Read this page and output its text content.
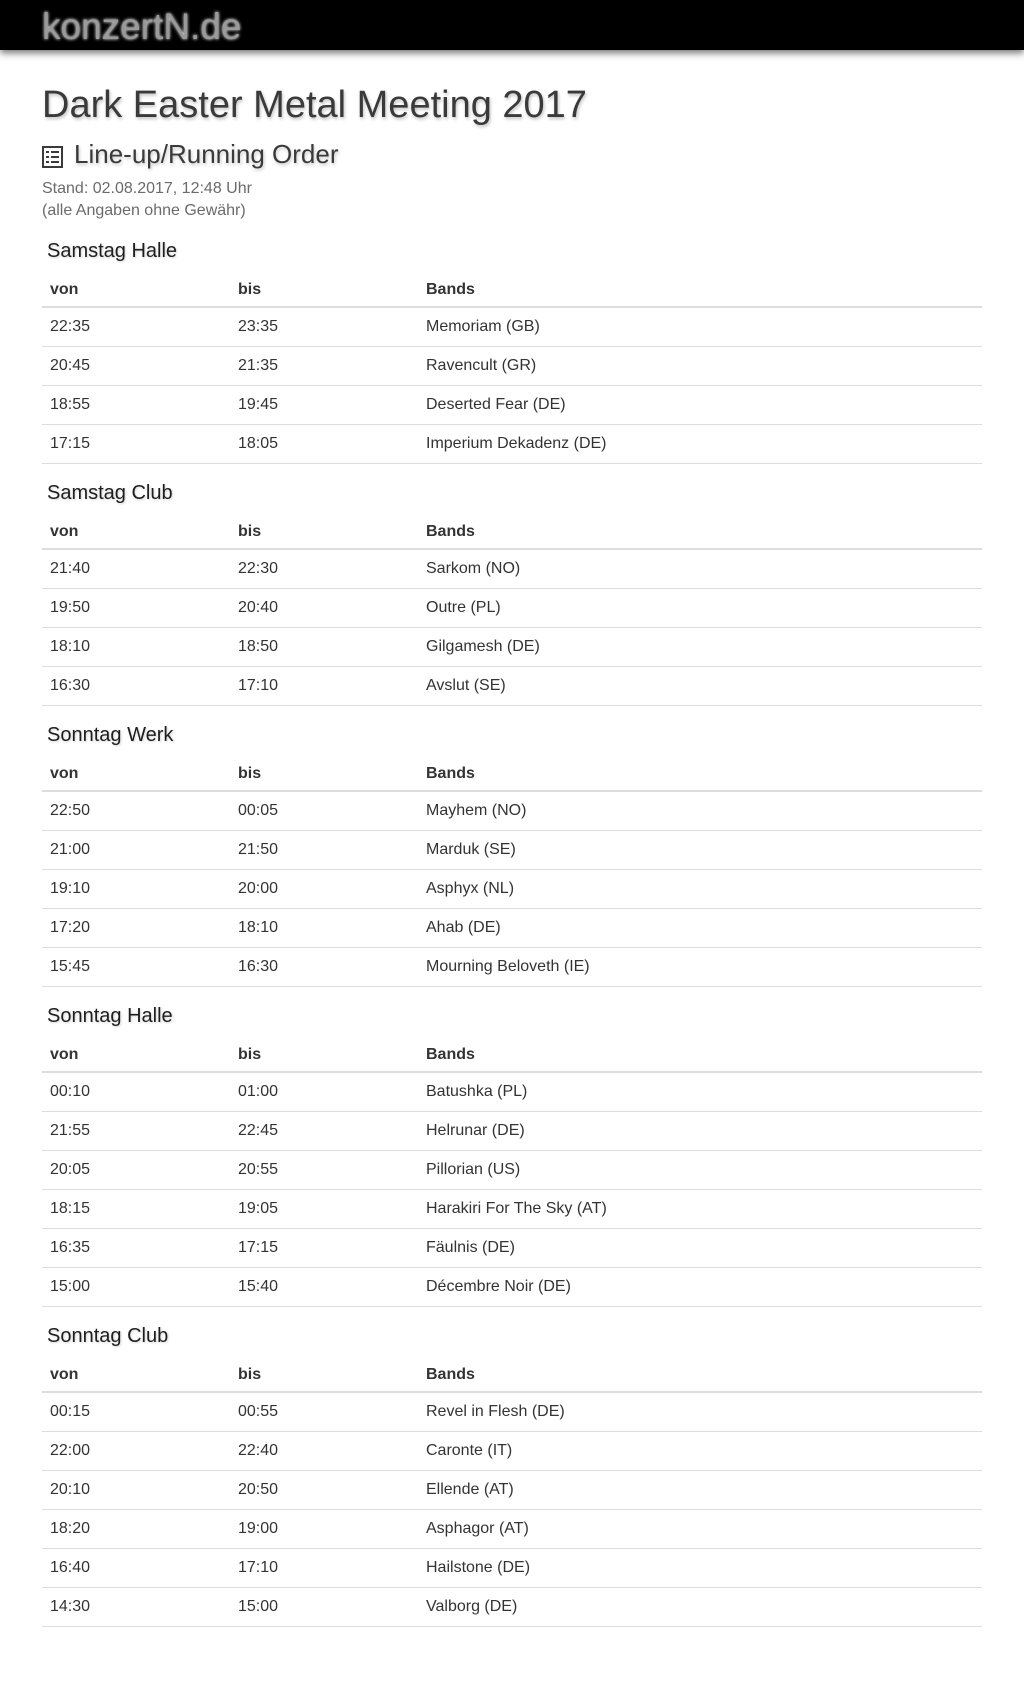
konzertN.de
Dark Easter Metal Meeting 2017
Line-up/Running Order
Stand: 02.08.2017, 12:48 Uhr
(alle Angaben ohne Gewähr)
Samstag Halle
von	bis	Bands
22:35	23:35	Memoriam (GB)
20:45	21:35	Ravencult (GR)
18:55	19:45	Deserted Fear (DE)
17:15	18:05	Imperium Dekadenz (DE)
Samstag Club
von	bis	Bands
21:40	22:30	Sarkom (NO)
19:50	20:40	Outre (PL)
18:10	18:50	Gilgamesh (DE)
16:30	17:10	Avslut (SE)
Sonntag Werk
von	bis	Bands
22:50	00:05	Mayhem (NO)
21:00	21:50	Marduk (SE)
19:10	20:00	Asphyx (NL)
17:20	18:10	Ahab (DE)
15:45	16:30	Mourning Beloveth (IE)
Sonntag Halle
von	bis	Bands
00:10	01:00	Batushka (PL)
21:55	22:45	Helrunar (DE)
20:05	20:55	Pillorian (US)
18:15	19:05	Harakiri For The Sky (AT)
16:35	17:15	Fäulnis (DE)
15:00	15:40	Décembre Noir (DE)
Sonntag Club
von	bis	Bands
00:15	00:55	Revel in Flesh (DE)
22:00	22:40	Caronte (IT)
20:10	20:50	Ellende (AT)
18:20	19:00	Asphagor (AT)
16:40	17:10	Hailstone (DE)
14:30	15:00	Valborg (DE)
